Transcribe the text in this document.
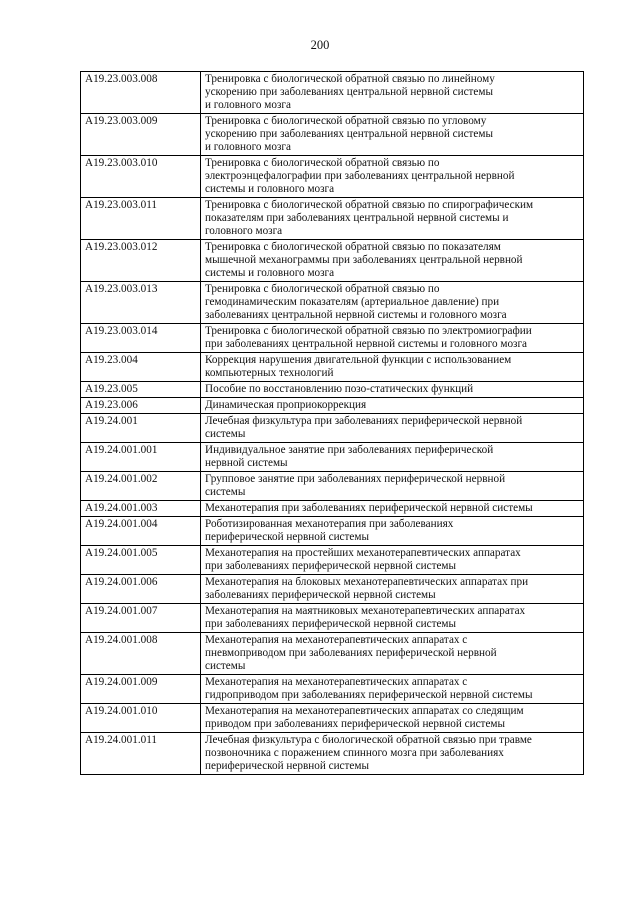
200
A19.23.003.008	Тренировка с биологической обратной связью по линейному
ускорению при заболеваниях центральной нервной системы
и головного мозга
A19.23.003.009	Тренировка с биологической обратной связью по угловому
ускорению при заболеваниях центральной нервной системы
и головного мозга
A19.23.003.010	Тренировка с биологической обратной связью по
электроэнцефалографии при заболеваниях центральной нервной
системы и головного мозга
A19.23.003.011	Тренировка с биологической обратной связью по спирографическим
показателям при заболеваниях центральной нервной системы и
головного мозга
A19.23.003.012	Тренировка с биологической обратной связью по показателям
мышечной механограммы при заболеваниях центральной нервной
системы и головного мозга
A19.23.003.013	Тренировка с биологической обратной связью по
гемодинамическим показателям (артериальное давление) при
заболеваниях центральной нервной системы и головного мозга
A19.23.003.014	Тренировка с биологической обратной связью по электромиографии
при заболеваниях центральной нервной системы и головного мозга
A19.23.004	Коррекция нарушения двигательной функции с использованием
компьютерных технологий
A19.23.005	Пособие по восстановлению позо-статических функций
A19.23.006	Динамическая проприокоррекция
A19.24.001	Лечебная физкультура при заболеваниях периферической нервной
системы
A19.24.001.001	Индивидуальное занятие при заболеваниях периферической
нервной системы
A19.24.001.002	Групповое занятие при заболеваниях периферической нервной
системы
A19.24.001.003	Механотерапия при заболеваниях периферической нервной системы
A19.24.001.004	Роботизированная механотерапия при заболеваниях
периферической нервной системы
A19.24.001.005	Механотерапия на простейших механотерапевтических аппаратах
при заболеваниях периферической нервной системы
A19.24.001.006	Механотерапия на блоковых механотерапевтических аппаратах при
заболеваниях периферической нервной системы
A19.24.001.007	Механотерапия на маятниковых механотерапевтических аппаратах
при заболеваниях периферической нервной системы
A19.24.001.008	Механотерапия на механотерапевтических аппаратах с
пневмоприводом при заболеваниях периферической нервной
системы
A19.24.001.009	Механотерапия на механотерапевтических аппаратах с
гидроприводом при заболеваниях периферической нервной системы
A19.24.001.010	Механотерапия на механотерапевтических аппаратах со следящим
приводом при заболеваниях периферической нервной системы
A19.24.001.011	Лечебная физкультура с биологической обратной связью при травме
позвоночника с поражением спинного мозга при заболеваниях
периферической нервной системы
